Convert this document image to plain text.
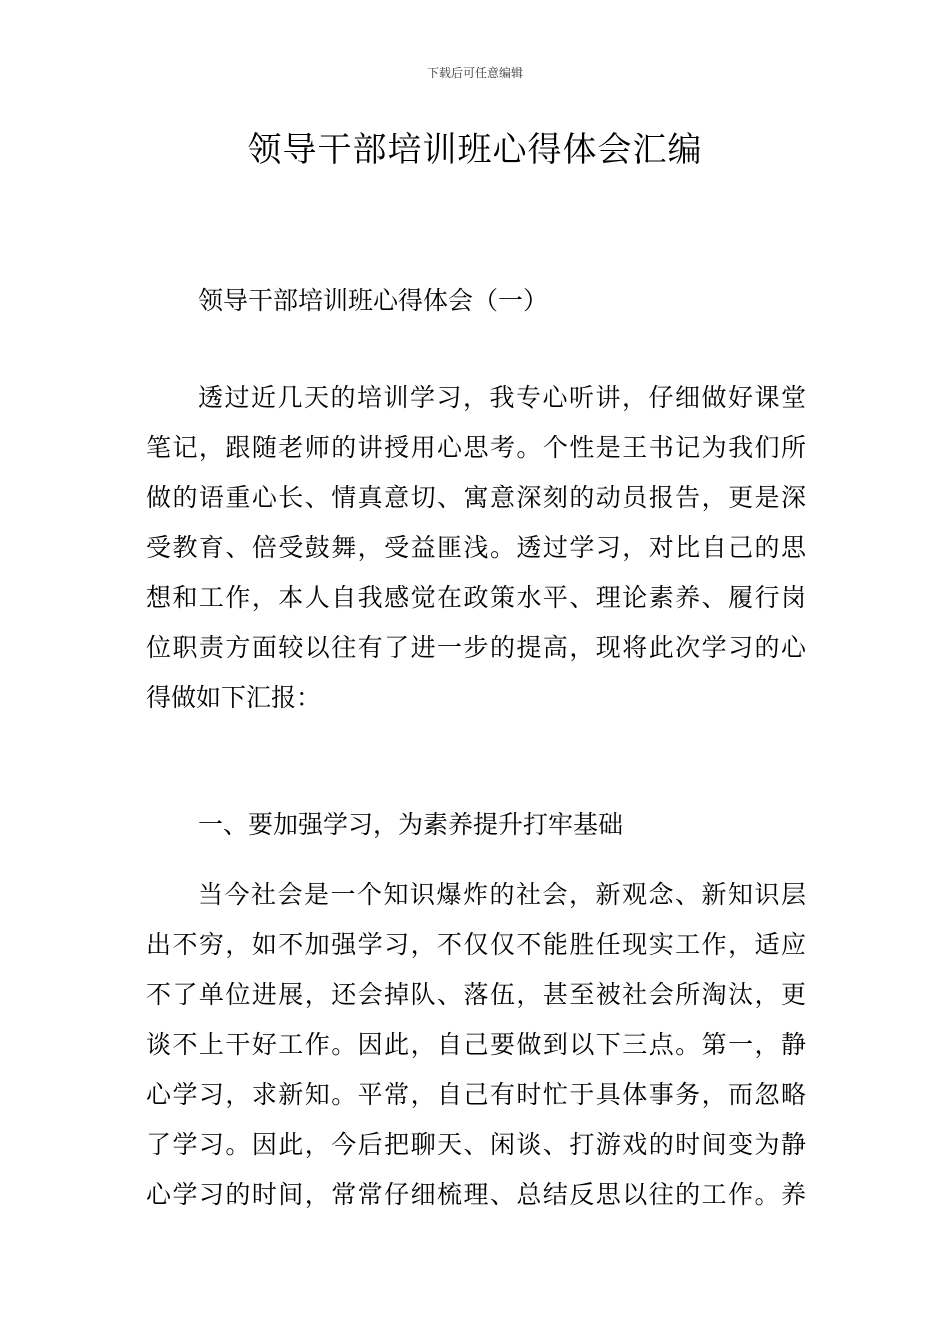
下载后可任意编辑
领导干部培训班心得体会汇编

领导干部培训班心得体会（一）

透过近几天的培训学习，我专心听讲，仔细做好课堂
笔记，跟随老师的讲授用心思考。个性是王书记为我们所
做的语重心长、情真意切、寓意深刻的动员报告，更是深
受教育、倍受鼓舞，受益匪浅。透过学习，对比自己的思
想和工作，本人自我感觉在政策水平、理论素养、履行岗
位职责方面较以往有了进一步的提高，现将此次学习的心
得做如下汇报：

一、要加强学习，为素养提升打牢基础

当今社会是一个知识爆炸的社会，新观念、新知识层
出不穷，如不加强学习，不仅仅不能胜任现实工作，适应
不了单位进展，还会掉队、落伍，甚至被社会所淘汰，更
谈不上干好工作。因此，自己要做到以下三点。第一，静
心学习，求新知。平常，自己有时忙于具体事务，而忽略
了学习。因此，今后把聊天、闲谈、打游戏的时间变为静
心学习的时间，常常仔细梳理、总结反思以往的工作。养
